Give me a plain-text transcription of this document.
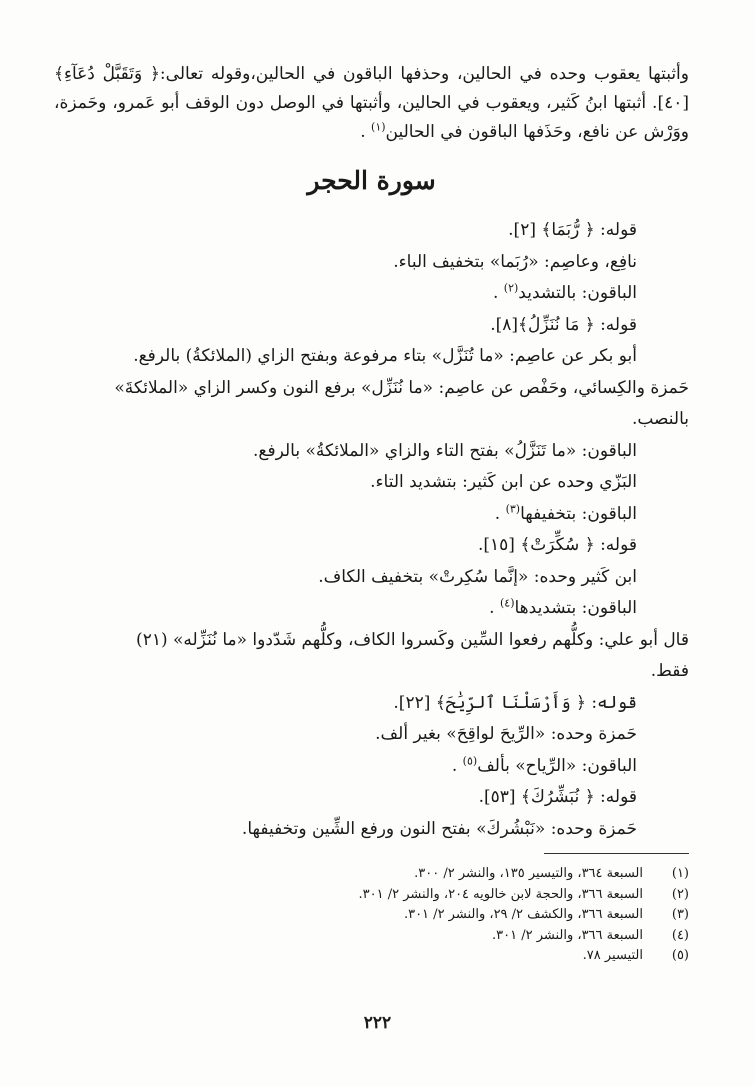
وأثبتها يعقوب وحده في الحالين، وحذفها الباقون في الحالين،وقوله تعالى:﴿ وَتَقَبَّلْ دُعَآءِ﴾ [٤٠]. أثبتها ابنُ كَثير، ويعقوب في الحالين، وأثبتها في الوصل دون الوقف أبو عَمرو، وحَمزة، ووَرْش عن نافع، وحَذَفها الباقون في الحالين$^{(١)}$ .

سورة الحجر

قوله: ﴿ رُّبَمَا﴾ [٢].

نافِع، وعاصِم: «رُبَما» بتخفيف الباء.

الباقون: بالتشديد$^{(٢)}$ .

قوله: ﴿ مَا نُنَزِّلُ﴾[٨].

أبو بكر عن عاصِم: «ما تُنَزَّل» بتاء مرفوعة وبفتح الزاي (الملائكةُ) بالرفع.

حَمزة والكِسائي، وحَفْص عن عاصِم: «ما نُنَزِّل» برفع النون وكسر الزاي «الملائكةَ»

بالنصب.

الباقون: «ما تَنَزَّلُ» بفتح التاء والزاي «الملائكةُ» بالرفع.

البَزّي وحده عن ابن كَثير: بتشديد التاء.

الباقون: بتخفيفها$^{(٣)}$ .

قوله: ﴿ سُكِّرَتْ﴾ [١٥].

ابن كَثير وحده: «إنَّما سُكِرتْ» بتخفيف الكاف.

الباقون: بتشديدها$^{(٤)}$ .

قال أبو علي: وكلُّهم رفعوا السِّين وكَسروا الكاف، وكلُّهم شَدّدوا «ما نُنَزِّله» (٢١)

فقط.

قوله: ﴿ وَأَرْسَلْنَا ٱلرِّيَٰحَ﴾ [٢٢].

حَمزة وحده: «الرِّيحَ لواقِحَ» بغير ألف.

الباقون: «الرِّياح» بألف$^{(٥)}$ .

قوله: ﴿ نُبَشِّرُكَ﴾ [٥٣].

حَمزة وحده: «نَبْشُركَ» بفتح النون ورفع الشِّين وتخفيفها.

(١)
السبعة ٣٦٤، والتيسير ١٣٥، والنشر ٢/ ٣٠٠.
(٢)
السبعة ٣٦٦، والحجة لابن خالويه ٢٠٤، والنشر ٢/ ٣٠١.
(٣)
السبعة ٣٦٦، والكشف ٢/ ٢٩، والنشر ٢/ ٣٠١.
(٤)
السبعة ٣٦٦، والنشر ٢/ ٣٠١.
(٥)
التيسير ٧٨.
٢٢٢
